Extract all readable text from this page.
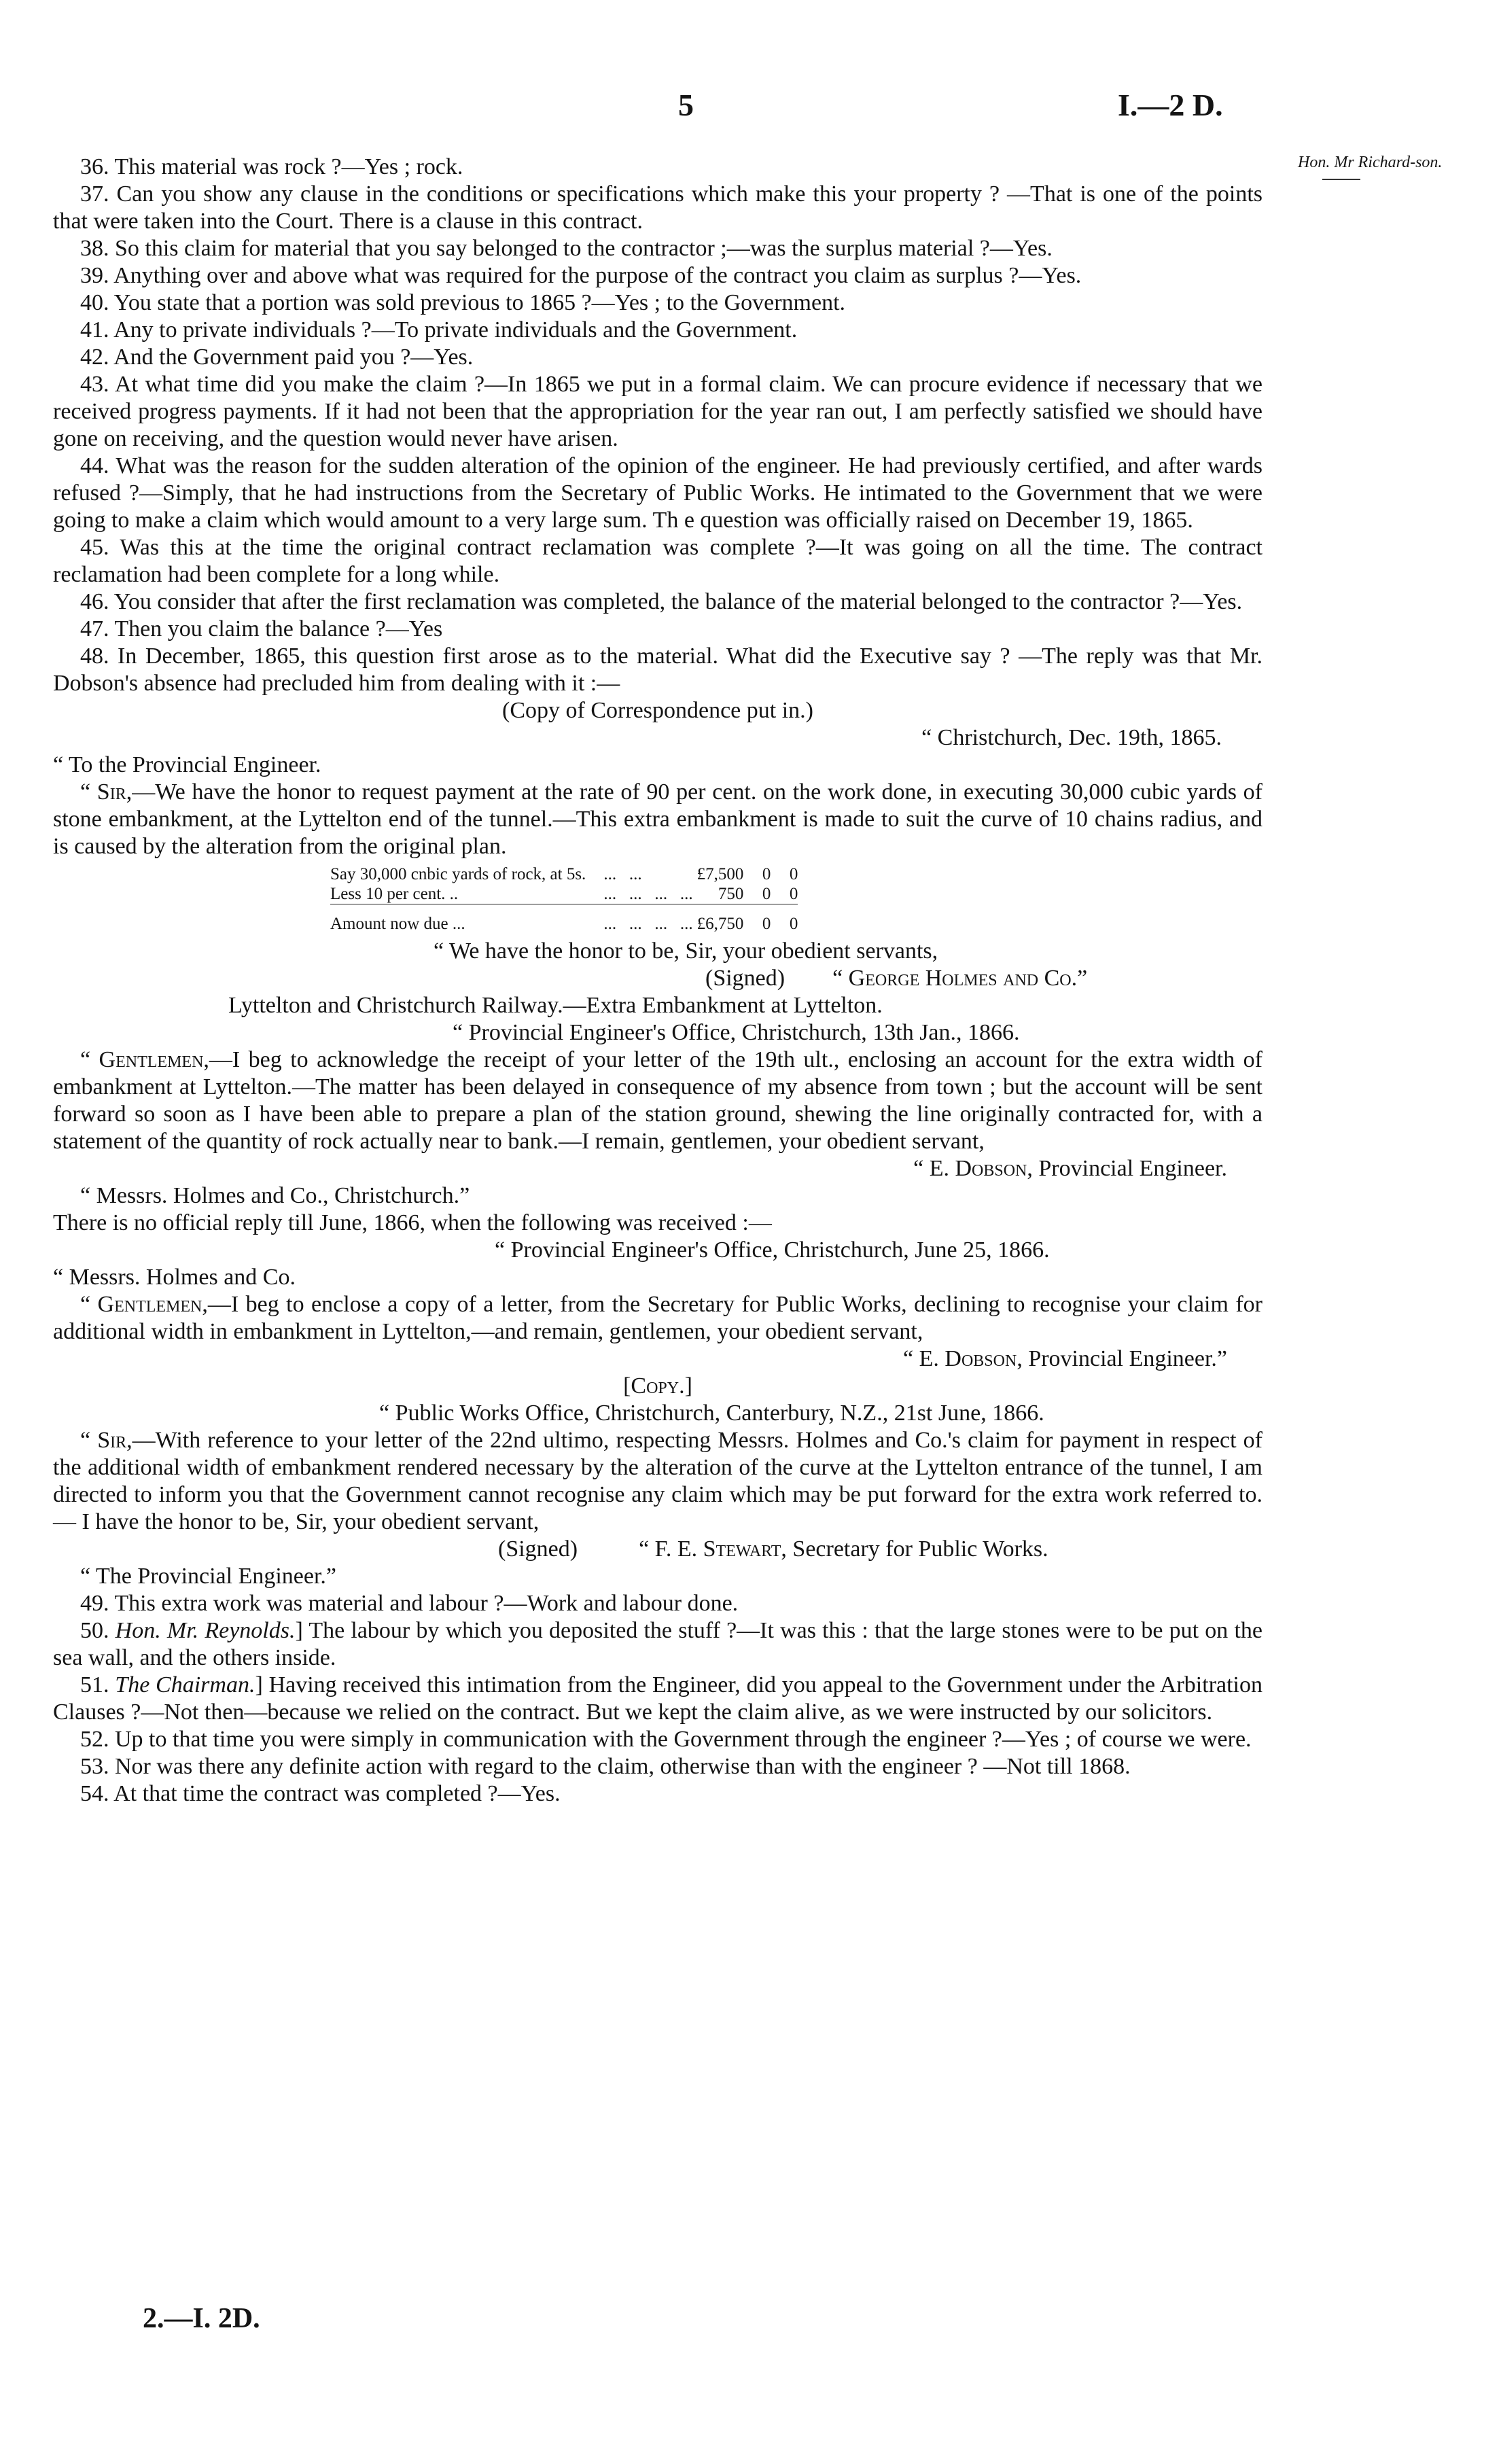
5	I.—2 D.
Hon. Mr Richard-son.

36. This material was rock ?—Yes ; rock.

37. Can you show any clause in the conditions or specifications which make this your property ? —That is one of the points that were taken into the Court. There is a clause in this contract.

38. So this claim for material that you say belonged to the contractor ;—was the surplus material ?—Yes.

39. Anything over and above what was required for the purpose of the contract you claim as surplus ?—Yes.

40. You state that a portion was sold previous to 1865 ?—Yes ; to the Government.

41. Any to private individuals ?—To private individuals and the Government.

42. And the Government paid you ?—Yes.

43. At what time did you make the claim ?—In 1865 we put in a formal claim. We can procure evidence if necessary that we received progress payments. If it had not been that the appropriation for the year ran out, I am perfectly satisfied we should have gone on receiving, and the question would never have arisen.

44. What was the reason for the sudden alteration of the opinion of the engineer. He had previously certified, and after wards refused ?—Simply, that he had instructions from the Secretary of Public Works. He intimated to the Government that we were going to make a claim which would amount to a very large sum. Th e question was officially raised on December 19, 1865.

45. Was this at the time the original contract reclamation was complete ?—It was going on all the time. The contract reclamation had been complete for a long while.

46. You consider that after the first reclamation was completed, the balance of the material belonged to the contractor ?—Yes.

47. Then you claim the balance ?—Yes

48. In December, 1865, this question first arose as to the material. What did the Executive say ? —The reply was that Mr. Dobson's absence had precluded him from dealing with it :—

(Copy of Correspondence put in.)

“ Christchurch, Dec. 19th, 1865.

“ To the Provincial Engineer.

“ Sir,—We have the honor to request payment at the rate of 90 per cent. on the work done, in executing 30,000 cubic yards of stone embankment, at the Lyttelton end of the tunnel.—This extra embankment is made to suit the curve of 10 chains radius, and is caused by the alteration from the original plan.

Say 30,000 cnbic yards of rock, at 5s.	...   ...	£7,500	0	0
Less 10 per cent. ..	...   ...   ...   ...	750	0	0

Amount now due ...	...   ...   ...   ...	£6,750	0	0

“ We have the honor to be, Sir, your obedient servants,

(Signed) “ George Holmes and Co.”

Lyttelton and Christchurch Railway.—Extra Embankment at Lyttelton.

“ Provincial Engineer's Office, Christchurch, 13th Jan., 1866.

“ Gentlemen,—I beg to acknowledge the receipt of your letter of the 19th ult., enclosing an account for the extra width of embankment at Lyttelton.—The matter has been delayed in consequence of my absence from town ; but the account will be sent forward so soon as I have been able to prepare a plan of the station ground, shewing the line originally contracted for, with a statement of the quantity of rock actually near to bank.—I remain, gentlemen, your obedient servant,

“ E. Dobson, Provincial Engineer.

“ Messrs. Holmes and Co., Christchurch.”

There is no official reply till June, 1866, when the following was received :—

“ Provincial Engineer's Office, Christchurch, June 25, 1866.

“ Messrs. Holmes and Co.

“ Gentlemen,—I beg to enclose a copy of a letter, from the Secretary for Public Works, declining to recognise your claim for additional width in embankment in Lyttelton,—and remain, gentlemen, your obedient servant,

“ E. Dobson, Provincial Engineer.”

[Copy.]

“ Public Works Office, Christchurch, Canterbury, N.Z., 21st June, 1866.

“ Sir,—With reference to your letter of the 22nd ultimo, respecting Messrs. Holmes and Co.'s claim for payment in respect of the additional width of embankment rendered necessary by the alteration of the curve at the Lyttelton entrance of the tunnel, I am directed to inform you that the Government cannot recognise any claim which may be put forward for the extra work referred to.— I have the honor to be, Sir, your obedient servant,

(Signed)	“ F. E. Stewart, Secretary for Public Works.

“ The Provincial Engineer.”

49. This extra work was material and labour ?—Work and labour done.

50. Hon. Mr. Reynolds.] The labour by which you deposited the stuff ?—It was this : that the large stones were to be put on the sea wall, and the others inside.

51. The Chairman.] Having received this intimation from the Engineer, did you appeal to the Government under the Arbitration Clauses ?—Not then—because we relied on the contract. But we kept the claim alive, as we were instructed by our solicitors.

52. Up to that time you were simply in communication with the Government through the engineer ?—Yes ; of course we were.

53. Nor was there any definite action with regard to the claim, otherwise than with the engineer ? —Not till 1868.

54. At that time the contract was completed ?—Yes.

2.—I. 2D.
